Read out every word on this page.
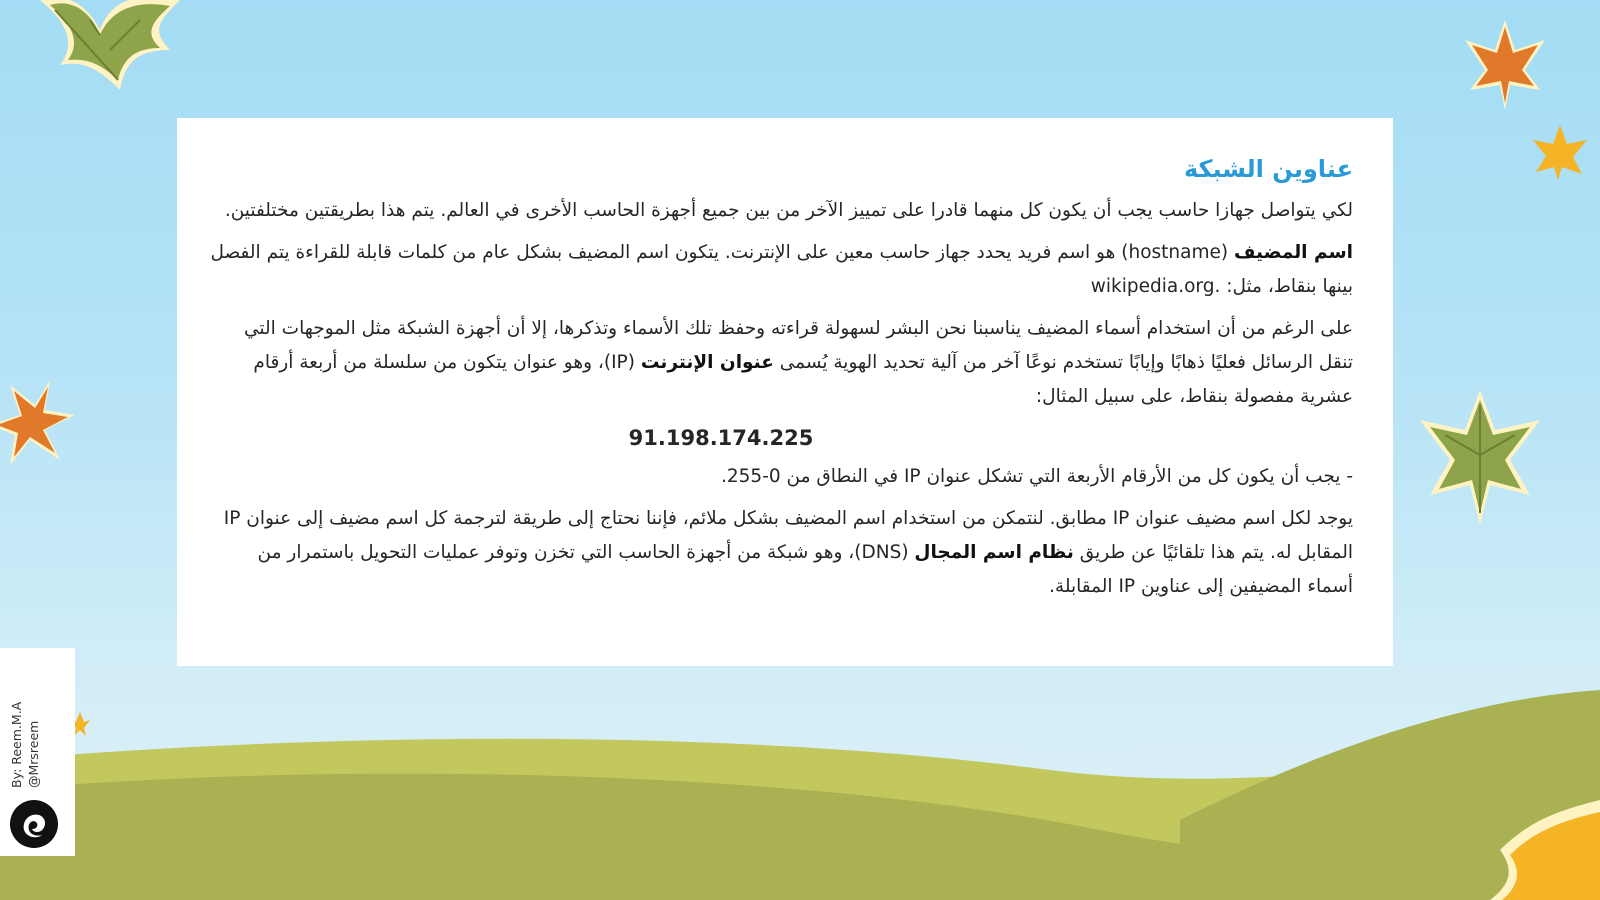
عناوين الشبكة

لكي يتواصل جهازا حاسب يجب أن يكون كل منهما قادرا على تمييز الآخر من بين جميع أجهزة الحاسب الأخرى في العالم. يتم هذا بطريقتين مختلفتين.

اسم المضيف (hostname) هو اسم فريد يحدد جهاز حاسب معين على الإنترنت. يتكون اسم المضيف بشكل عام من كلمات قابلة للقراءة يتم الفصل بينها بنقاط، مثل: wikipedia.org.

على الرغم من أن استخدام أسماء المضيف يناسبنا نحن البشر لسهولة قراءته وحفظ تلك الأسماء وتذكرها، إلا أن أجهزة الشبكة مثل الموجهات التي تنقل الرسائل فعليًا ذهابًا وإيابًا تستخدم نوعًا آخر من آلية تحديد الهوية يُسمى عنوان الإنترنت (IP)، وهو عنوان يتكون من سلسلة من أربعة أرقام عشرية مفصولة بنقاط، على سبيل المثال:

91.198.174.225

- يجب أن يكون كل من الأرقام الأربعة التي تشكل عنوان IP في النطاق من 0-255.

يوجد لكل اسم مضيف عنوان IP مطابق. لنتمكن من استخدام اسم المضيف بشكل ملائم، فإننا نحتاج إلى طريقة لترجمة كل اسم مضيف إلى عنوان IP المقابل له. يتم هذا تلقائيًا عن طريق نظام اسم المجال (DNS)، وهو شبكة من أجهزة الحاسب التي تخزن وتوفر عمليات التحويل باستمرار من أسماء المضيفين إلى عناوين IP المقابلة.

By: Reem.M.A @Mrsreem
